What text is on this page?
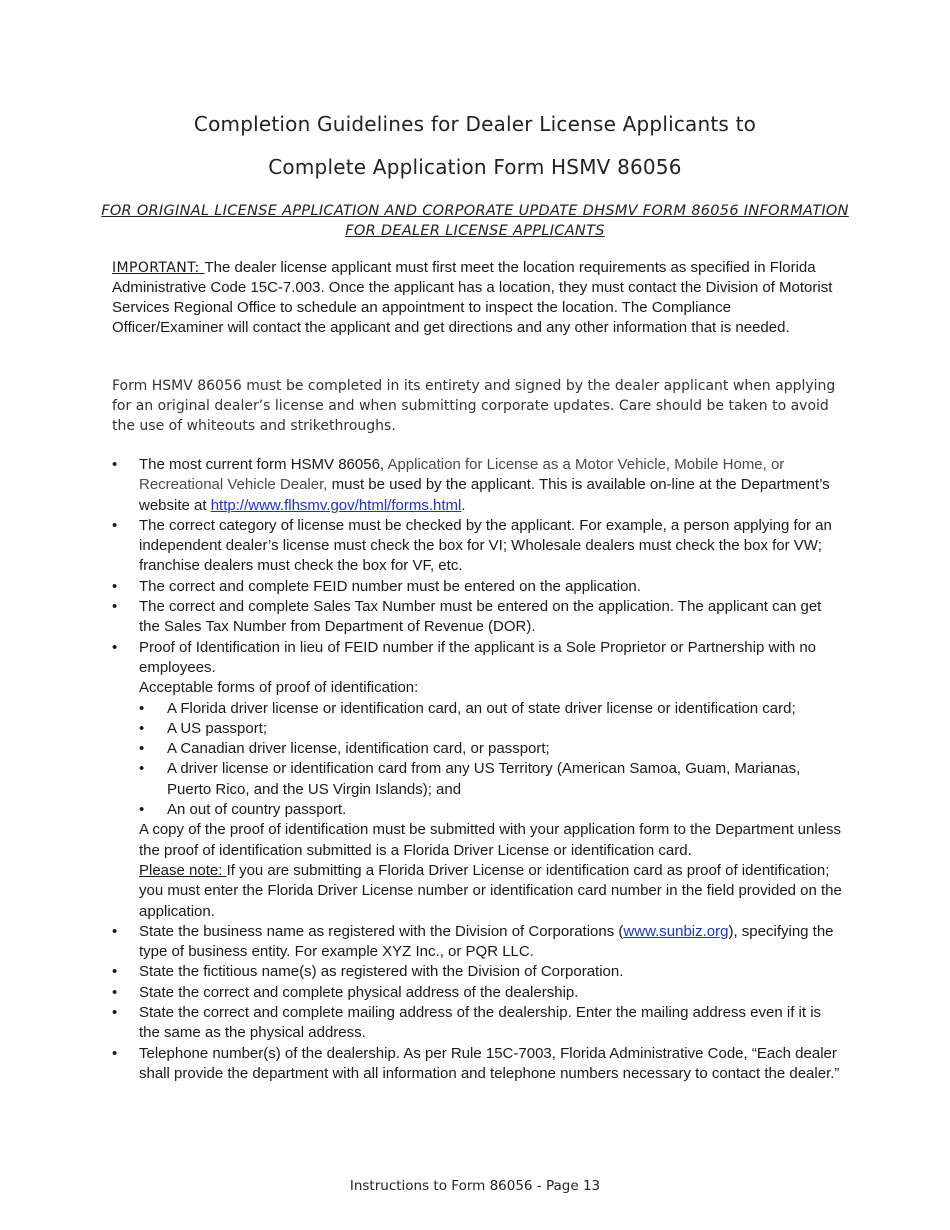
Completion Guidelines for Dealer License Applicants to
Complete Application Form HSMV 86056
FOR ORIGINAL LICENSE APPLICATION AND CORPORATE UPDATE DHSMV FORM 86056 INFORMATION FOR DEALER LICENSE APPLICANTS
IMPORTANT: The dealer license applicant must first meet the location requirements as specified in Florida Administrative Code 15C-7.003. Once the applicant has a location, they must contact the Division of Motorist Services Regional Office to schedule an appointment to inspect the location. The Compliance Officer/Examiner will contact the applicant and get directions and any other information that is needed.
Form HSMV 86056 must be completed in its entirety and signed by the dealer applicant when applying for an original dealer’s license and when submitting corporate updates. Care should be taken to avoid the use of whiteouts and strikethroughs.
• The most current form HSMV 86056, Application for License as a Motor Vehicle, Mobile Home, or Recreational Vehicle Dealer, must be used by the applicant. This is available on-line at the Department’s website at http://www.flhsmv.gov/html/forms.html.
• The correct category of license must be checked by the applicant. For example, a person applying for an independent dealer’s license must check the box for VI; Wholesale dealers must check the box for VW; franchise dealers must check the box for VF, etc.
• The correct and complete FEID number must be entered on the application.
• The correct and complete Sales Tax Number must be entered on the application. The applicant can get the Sales Tax Number from Department of Revenue (DOR).
• Proof of Identification in lieu of FEID number if the applicant is a Sole Proprietor or Partnership with no employees.
Acceptable forms of proof of identification:
• A Florida driver license or identification card, an out of state driver license or identification card;
• A US passport;
• A Canadian driver license, identification card, or passport;
• A driver license or identification card from any US Territory (American Samoa, Guam, Marianas, Puerto Rico, and the US Virgin Islands); and
• An out of country passport.
A copy of the proof of identification must be submitted with your application form to the Department unless the proof of identification submitted is a Florida Driver License or identification card.
Please note: If you are submitting a Florida Driver License or identification card as proof of identification; you must enter the Florida Driver License number or identification card number in the field provided on the application.
• State the business name as registered with the Division of Corporations (www.sunbiz.org), specifying the type of business entity. For example XYZ Inc., or PQR LLC.
• State the fictitious name(s) as registered with the Division of Corporation.
• State the correct and complete physical address of the dealership.
• State the correct and complete mailing address of the dealership. Enter the mailing address even if it is the same as the physical address.
• Telephone number(s) of the dealership. As per Rule 15C-7003, Florida Administrative Code, “Each dealer shall provide the department with all information and telephone numbers necessary to contact the dealer.”
Instructions to Form 86056 - Page 13
